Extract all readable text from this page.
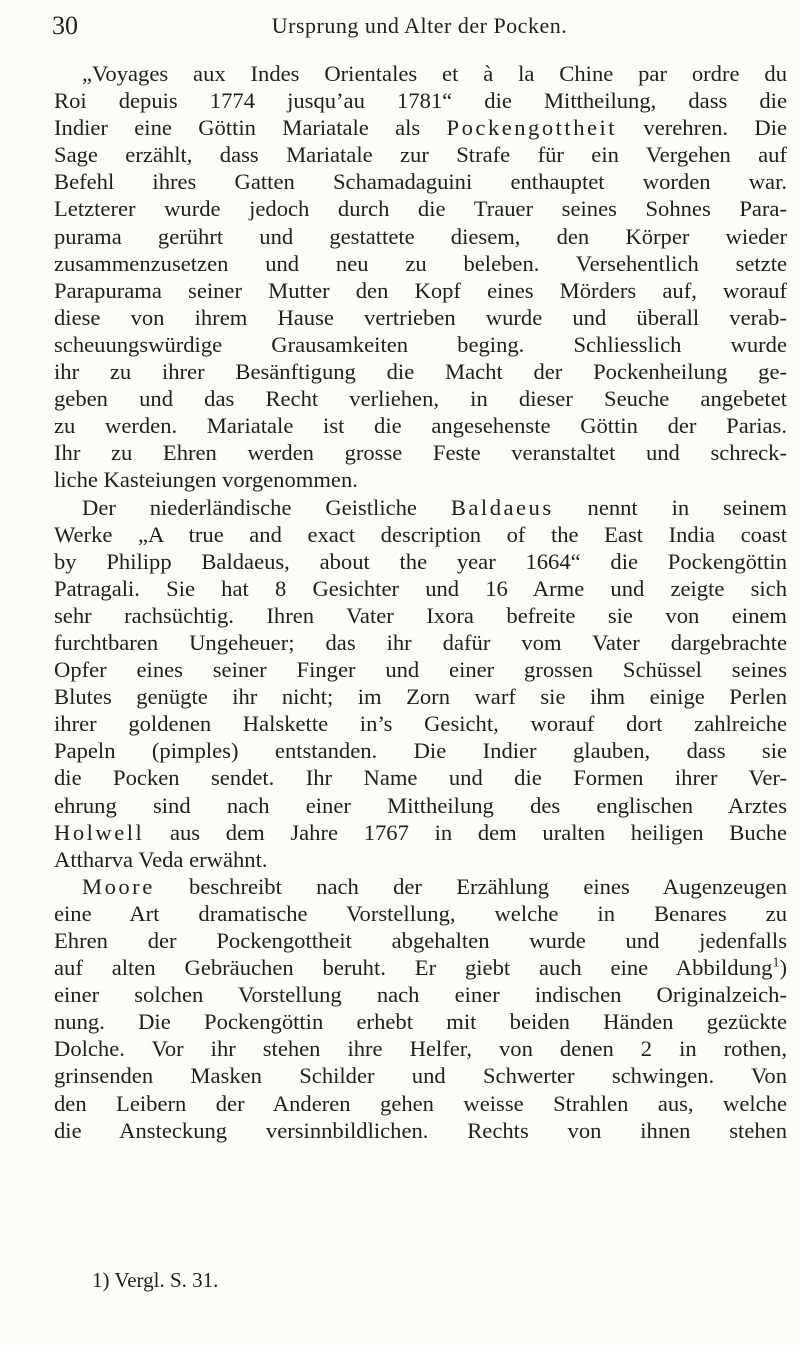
30	Ursprung und Alter der Pocken.
„Voyages aux Indes Orientales et à la Chine par ordre du
Roi depuis 1774 jusqu’au 1781“ die Mittheilung, dass die
Indier eine Göttin Mariatale als Pockengottheit verehren. Die
Sage erzählt, dass Mariatale zur Strafe für ein Vergehen auf
Befehl ihres Gatten Schamadaguini enthauptet worden war.
Letzterer wurde jedoch durch die Trauer seines Sohnes Para-
purama gerührt und gestattete diesem, den Körper wieder
zusammenzusetzen und neu zu beleben. Versehentlich setzte
Parapurama seiner Mutter den Kopf eines Mörders auf, worauf
diese von ihrem Hause vertrieben wurde und überall verab-
scheuungswürdige Grausamkeiten beging. Schliesslich wurde
ihr zu ihrer Besänftigung die Macht der Pockenheilung ge-
geben und das Recht verliehen, in dieser Seuche angebetet
zu werden. Mariatale ist die angesehenste Göttin der Parias.
Ihr zu Ehren werden grosse Feste veranstaltet und schreck-
liche Kasteiungen vorgenommen.
Der niederländische Geistliche Baldaeus nennt in seinem
Werke „A true and exact description of the East India coast
by Philipp Baldaeus, about the year 1664“ die Pockengöttin
Patragali. Sie hat 8 Gesichter und 16 Arme und zeigte sich
sehr rachsüchtig. Ihren Vater Ixora befreite sie von einem
furchtbaren Ungeheuer; das ihr dafür vom Vater dargebrachte
Opfer eines seiner Finger und einer grossen Schüssel seines
Blutes genügte ihr nicht; im Zorn warf sie ihm einige Perlen
ihrer goldenen Halskette in’s Gesicht, worauf dort zahlreiche
Papeln (pimples) entstanden. Die Indier glauben, dass sie
die Pocken sendet. Ihr Name und die Formen ihrer Ver-
ehrung sind nach einer Mittheilung des englischen Arztes
Holwell aus dem Jahre 1767 in dem uralten heiligen Buche
Attharva Veda erwähnt.
Moore beschreibt nach der Erzählung eines Augenzeugen
eine Art dramatische Vorstellung, welche in Benares zu
Ehren der Pockengottheit abgehalten wurde und jedenfalls
auf alten Gebräuchen beruht. Er giebt auch eine Abbildung$^1$)
einer solchen Vorstellung nach einer indischen Originalzeich-
nung. Die Pockengöttin erhebt mit beiden Händen gezückte
Dolche. Vor ihr stehen ihre Helfer, von denen 2 in rothen,
grinsenden Masken Schilder und Schwerter schwingen. Von
den Leibern der Anderen gehen weisse Strahlen aus, welche
die Ansteckung versinnbildlichen. Rechts von ihnen stehen
1) Vergl. S. 31.
